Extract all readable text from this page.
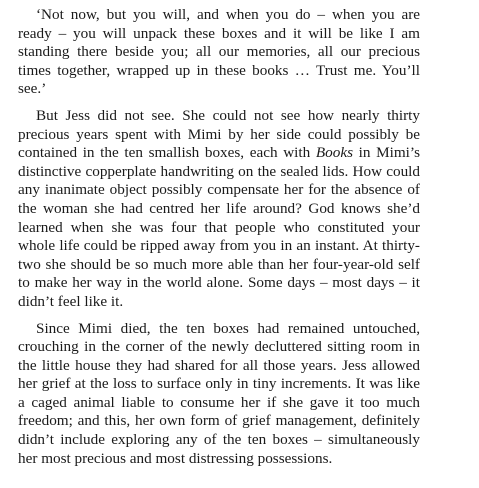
‘Not now, but you will, and when you do – when you are ready – you will unpack these boxes and it will be like I am standing there beside you; all our memories, all our precious times together, wrapped up in these books … Trust me. You’ll see.’

But Jess did not see. She could not see how nearly thirty precious years spent with Mimi by her side could possibly be contained in the ten smallish boxes, each with Books in Mimi’s distinctive copperplate handwriting on the sealed lids. How could any inanimate object possibly compensate her for the absence of the woman she had centred her life around? God knows she’d learned when she was four that people who constituted your whole life could be ripped away from you in an instant. At thirty-two she should be so much more able than her four-year-old self to make her way in the world alone. Some days – most days – it didn’t feel like it.

Since Mimi died, the ten boxes had remained untouched, crouching in the corner of the newly decluttered sitting room in the little house they had shared for all those years. Jess allowed her grief at the loss to surface only in tiny increments. It was like a caged animal liable to consume her if she gave it too much freedom; and this, her own form of grief management, definitely didn’t include exploring any of the ten boxes – simultaneously her most precious and most distressing possessions.
